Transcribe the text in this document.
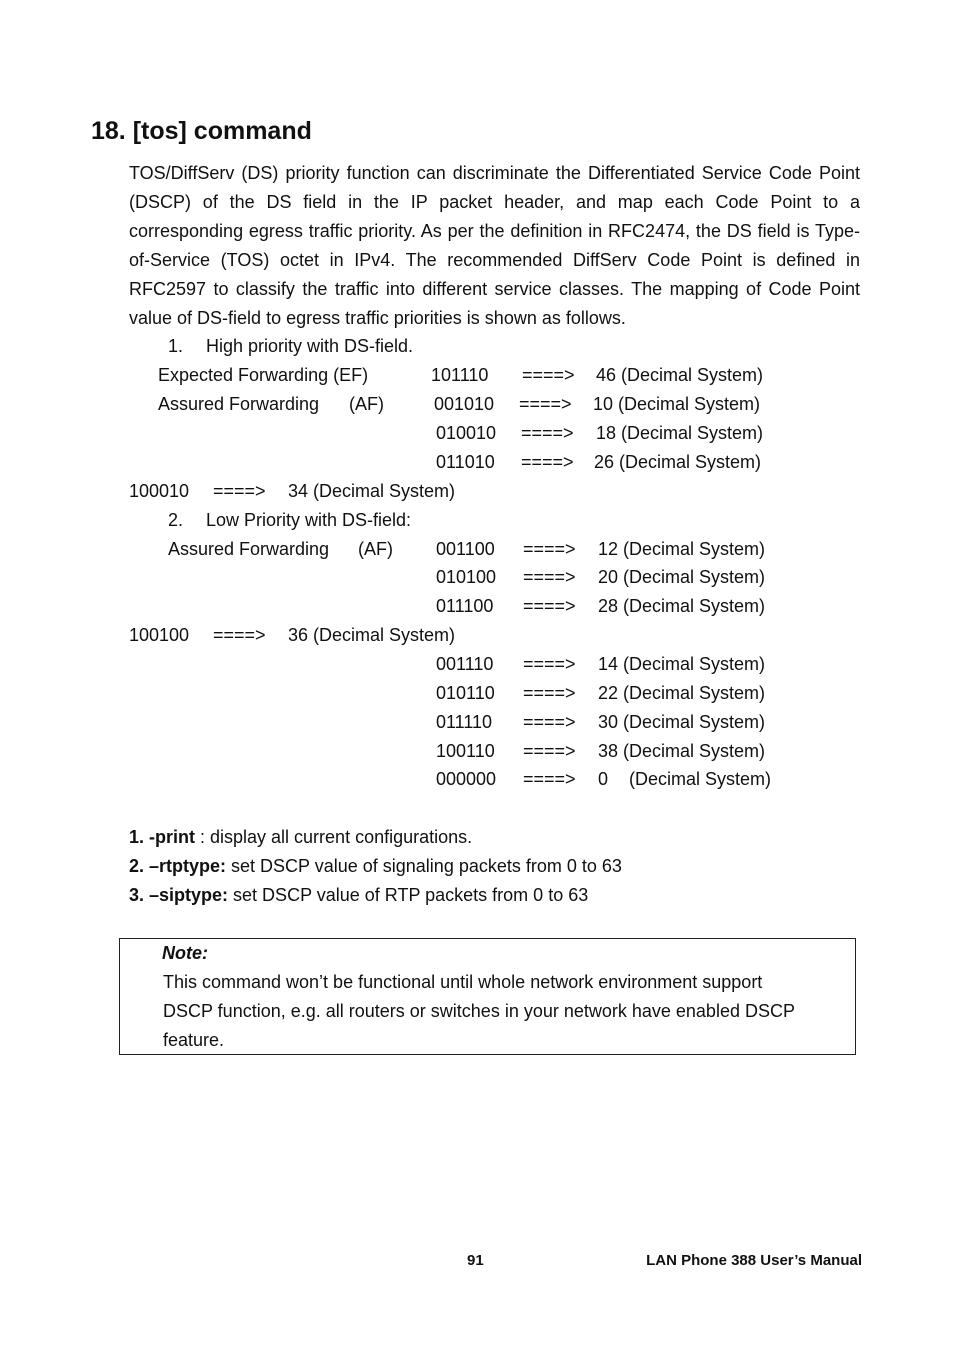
18. [tos] command
TOS/DiffServ (DS) priority function can discriminate the Differentiated Service Code Point (DSCP) of the DS field in the IP packet header, and map each Code Point to a corresponding egress traffic priority. As per the definition in RFC2474, the DS field is Type-of-Service (TOS) octet in IPv4. The recommended DiffServ Code Point is defined in RFC2597 to classify the traffic into different service classes. The mapping of Code Point value of DS-field to egress traffic priorities is shown as follows.
1. High priority with DS-field.
Expected Forwarding (EF)	101110 ====> 46 (Decimal System)
Assured Forwarding (AF)	001010 ====> 10 (Decimal System)
010010 ====> 18 (Decimal System)
011010 ====> 26 (Decimal System)
100010 ====> 34 (Decimal System)
2. Low Priority with DS-field:
Assured Forwarding (AF) 001100 ====> 12 (Decimal System)
010100 ====> 20 (Decimal System)
011100 ====> 28 (Decimal System)
100100 ====> 36 (Decimal System)
001110 ====> 14 (Decimal System)
010110 ====> 22 (Decimal System)
011110 ====> 30 (Decimal System)
100110 ====> 38 (Decimal System)
000000 ====> 0 (Decimal System)
1. -print : display all current configurations.
2. –rtptype: set DSCP value of signaling packets from 0 to 63
3. –siptype: set DSCP value of RTP packets from 0 to 63
Note:
This command won’t be functional until whole network environment support
DSCP function, e.g. all routers or switches in your network have enabled DSCP
feature.
91	LAN Phone 388 User’s Manual
